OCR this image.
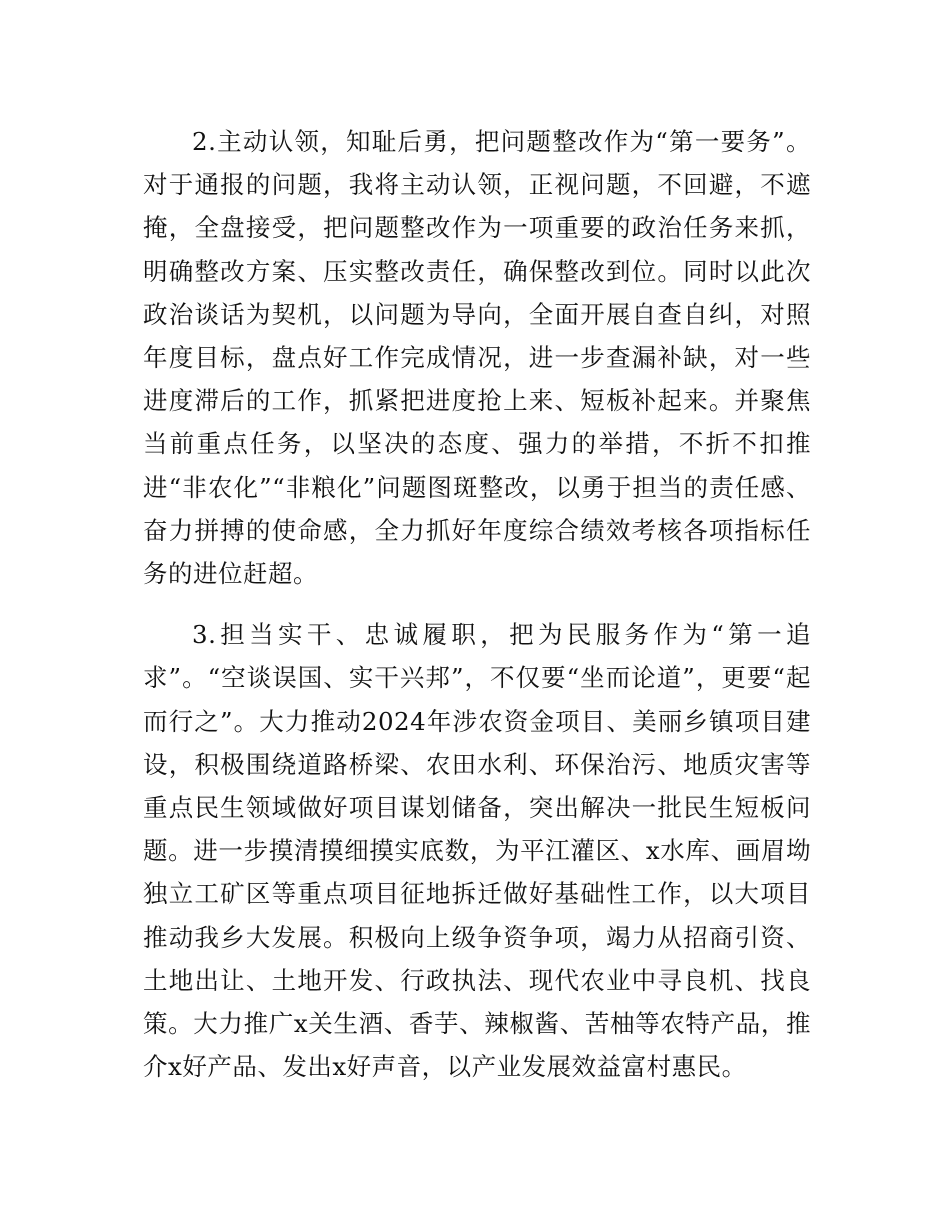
2.主动认领，知耻后勇，把问题整改作为“第一要务”。对于通报的问题，我将主动认领，正视问题，不回避，不遮掩，全盘接受，把问题整改作为一项重要的政治任务来抓，明确整改方案、压实整改责任，确保整改到位。同时以此次政治谈话为契机，以问题为导向，全面开展自查自纠，对照年度目标，盘点好工作完成情况，进一步查漏补缺，对一些进度滞后的工作，抓紧把进度抢上来、短板补起来。并聚焦当前重点任务，以坚决的态度、强力的举措，不折不扣推进“非农化”“非粮化”问题图斑整改，以勇于担当的责任感、奋力拼搏的使命感，全力抓好年度综合绩效考核各项指标任务的进位赶超。

3.担当实干、忠诚履职，把为民服务作为“第一追求”。“空谈误国、实干兴邦”，不仅要“坐而论道”，更要“起而行之”。大力推动2024年涉农资金项目、美丽乡镇项目建设，积极围绕道路桥梁、农田水利、环保治污、地质灾害等重点民生领域做好项目谋划储备，突出解决一批民生短板问题。进一步摸清摸细摸实底数，为平江灌区、x水库、画眉坳独立工矿区等重点项目征地拆迁做好基础性工作，以大项目推动我乡大发展。积极向上级争资争项，竭力从招商引资、土地出让、土地开发、行政执法、现代农业中寻良机、找良策。大力推广x关生酒、香芋、辣椒酱、苦柚等农特产品，推介x好产品、发出x好声音，以产业发展效益富村惠民。
